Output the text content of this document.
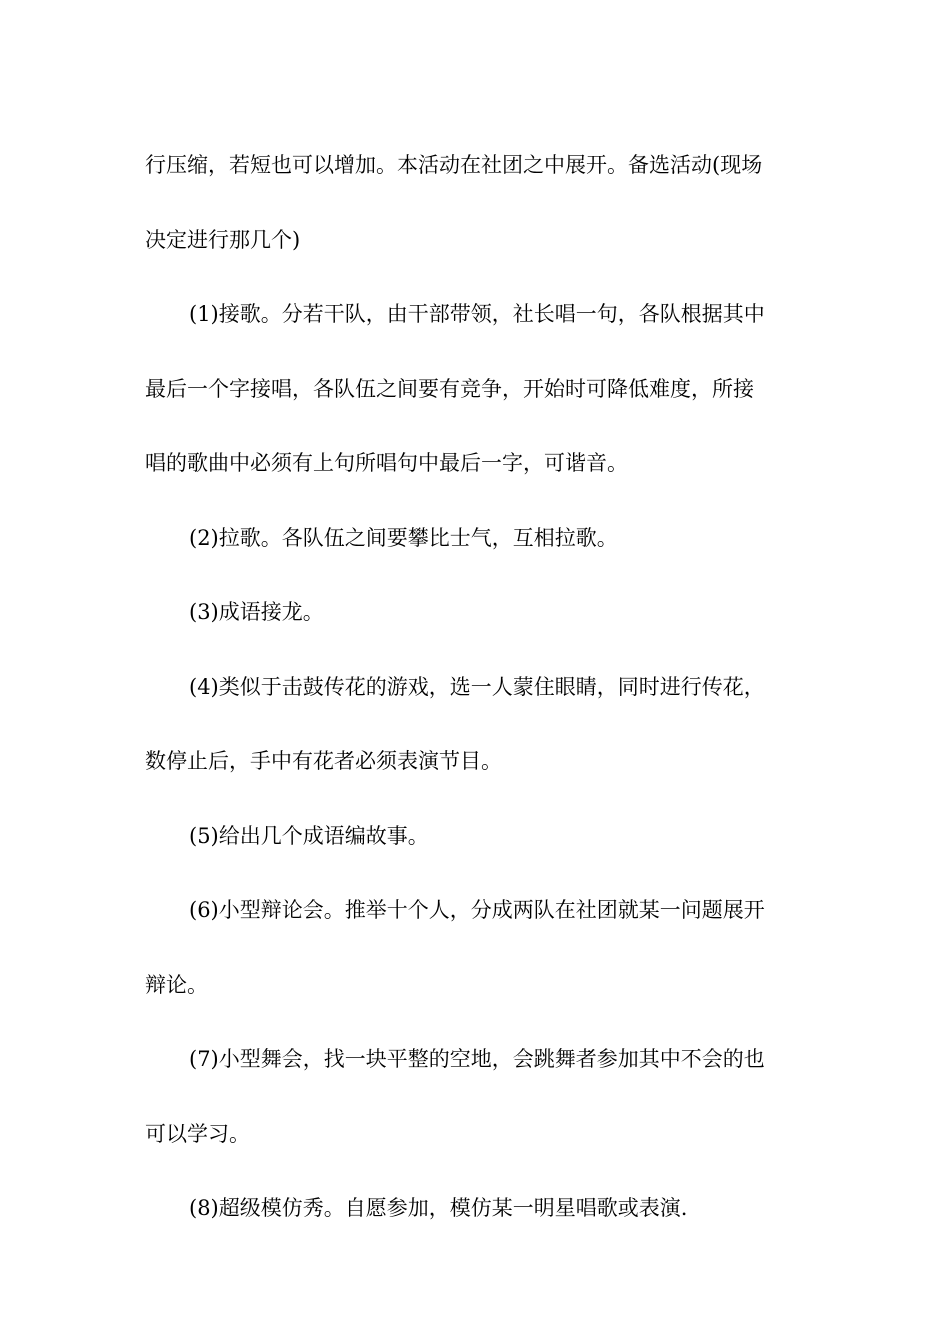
行压缩，若短也可以增加。本活动在社团之中展开。备选活动(现场

决定进行那几个)

(1)接歌。分若干队，由干部带领，社长唱一句，各队根据其中

最后一个字接唱，各队伍之间要有竞争，开始时可降低难度，所接

唱的歌曲中必须有上句所唱句中最后一字，可谐音。

(2)拉歌。各队伍之间要攀比士气，互相拉歌。

(3)成语接龙。

(4)类似于击鼓传花的游戏，选一人蒙住眼睛，同时进行传花，

数停止后，手中有花者必须表演节目。

(5)给出几个成语编故事。

(6)小型辩论会。推举十个人，分成两队在社团就某一问题展开

辩论。

(7)小型舞会，找一块平整的空地，会跳舞者参加其中不会的也

可以学习。

(8)超级模仿秀。自愿参加，模仿某一明星唱歌或表演.
